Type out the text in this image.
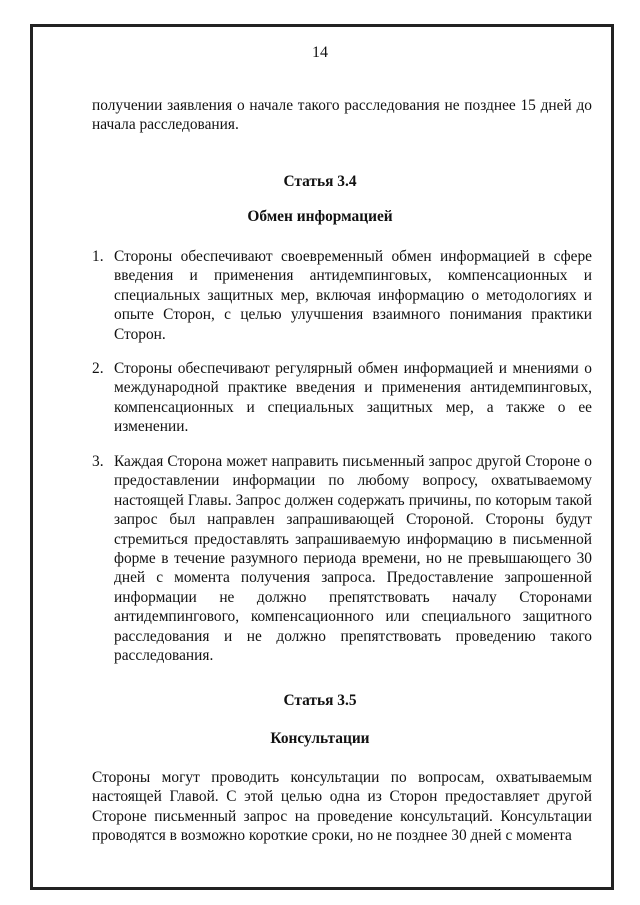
14

получении заявления о начале такого расследования не позднее 15 дней до начала расследования.

Статья 3.4
Обмен информацией
1. Стороны обеспечивают своевременный обмен информацией в сфере введения и применения антидемпинговых, компенсационных и специальных защитных мер, включая информацию о методологиях и опыте Сторон, с целью улучшения взаимного понимания практики Сторон.
2. Стороны обеспечивают регулярный обмен информацией и мнениями о международной практике введения и применения антидемпинговых, компенсационных и специальных защитных мер, а также о ее изменении.
3. Каждая Сторона может направить письменный запрос другой Стороне о предоставлении информации по любому вопросу, охватываемому настоящей Главы. Запрос должен содержать причины, по которым такой запрос был направлен запрашивающей Стороной. Стороны будут стремиться предоставлять запрашиваемую информацию в письменной форме в течение разумного периода времени, но не превышающего 30 дней с момента получения запроса. Предоставление запрошенной информации не должно препятствовать началу Сторонами антидемпингового, компенсационного или специального защитного расследования и не должно препятствовать проведению такого расследования.
Статья 3.5
Консультации

Стороны могут проводить консультации по вопросам, охватываемым настоящей Главой. С этой целью одна из Сторон предоставляет другой Стороне письменный запрос на проведение консультаций. Консультации проводятся в возможно короткие сроки, но не позднее 30 дней с момента
